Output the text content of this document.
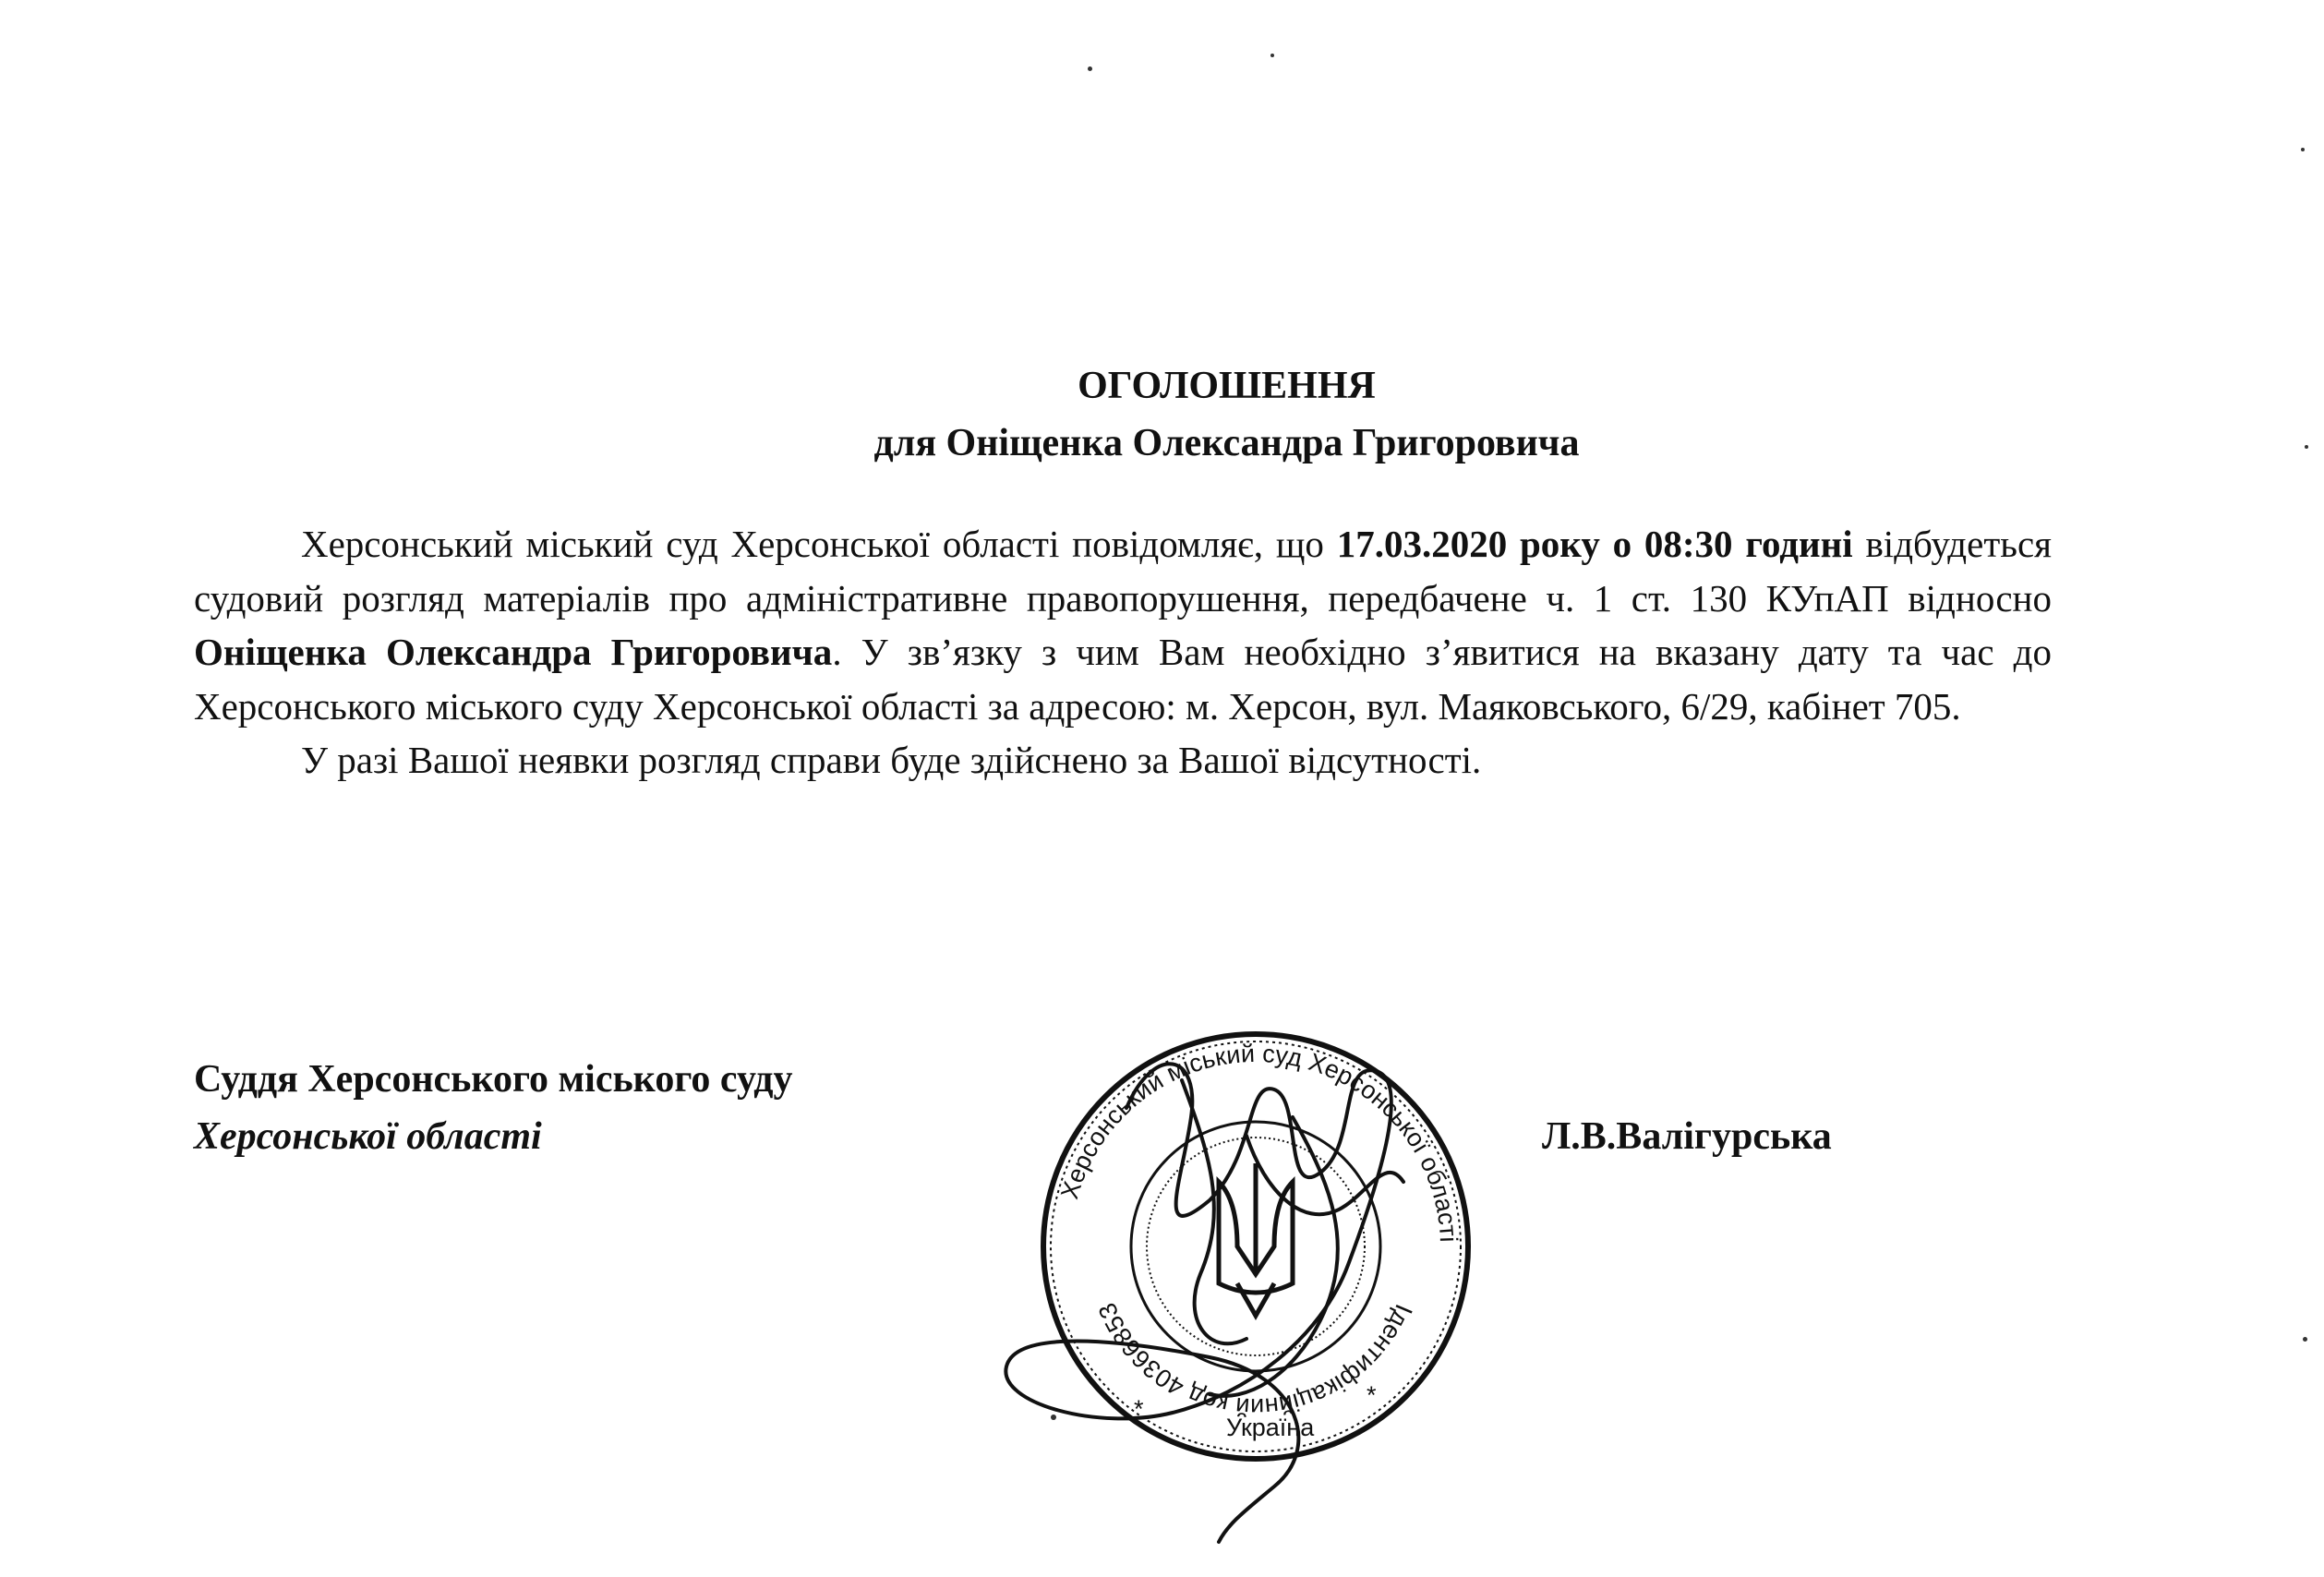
ОГОЛОШЕННЯ
для Оніщенка Олександра Григоровича

Херсонський міський суд Херсонської області повідомляє, що 17.03.2020 року о 08:30 годині відбудеться судовий розгляд матеріалів про адміністративне правопорушення, передбачене ч. 1 ст. 130 КУпАП відносно Оніщенка Олександра Григоровича. У зв’язку з чим Вам необхідно з’явитися на вказану дату та час до Херсонського міського суду Херсонської області за адресою: м. Херсон, вул. Маяковського, 6/29, кабінет 705.

У разі Вашої неявки розгляд справи буде здійснено за Вашої відсутності.

Суддя Херсонського міського суду
Херсонської області	Л.В.Валігурська
Херсонський міський суд Херсонської області
Ідентифікаційний код 40366853
Україна
*	*
